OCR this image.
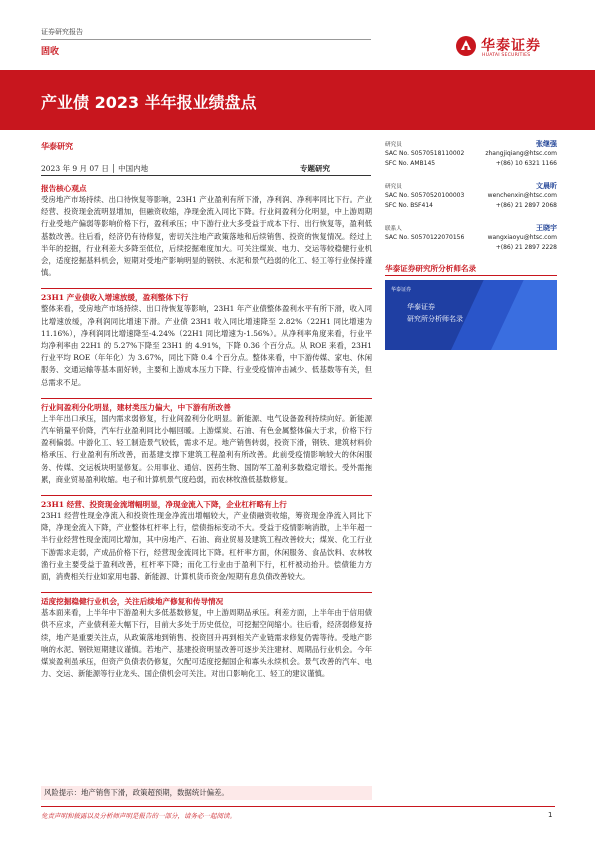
证券研究报告
固收	华泰证券
HUATAI SECURITIES
产业债 2023 半年报业绩盘点
华泰研究
2023 年 9 月 07 日 │ 中国内地	专题研究
报告核心观点
受房地产市场持续、出口待恢复等影响，23H1 产业盈利有所下滑，净利润、净利率同比下行。产业经营、投资现金流明显增加，但融资收缩，净现金流入同比下降。行业间盈利分化明显，中上游周期行业受地产偏弱等影响价格下行，盈利承压；中下游行业大多受益于成本下行、出行恢复等，盈利低基数改善。往后看，经济仍有待修复，密切关注地产政策落地和后续销售、投资的恢复情况。经过上半年的挖掘，行业利差大多降至低位，后续挖掘难度加大。可关注煤炭、电力、交运等较稳健行业机会，适度挖掘基料机会，短期对受地产影响明显的钢铁、水泥和景气趋弱的化工、轻工等行业保持谨慎。
23H1 产业债收入增速放缓，盈利整体下行
整体来看，受房地产市场持续、出口待恢复等影响，23H1 年产业债整体盈利水平有所下滑，收入同比增速放缓，净利润同比增速下滑。产业债 23H1 收入同比增速降至 2.82%（22H1 同比增速为 11.16%），净利润同比增速降至-4.24%（22H1 同比增速为-1.56%）。从净利率角度来看，行业平均净利率由 22H1 的 5.27%下降至 23H1 的 4.91%，下降 0.36 个百分点。从 ROE 来看，23H1 行业平均 ROE（年年化）为 3.67%，同比下降 0.4 个百分点。整体来看，中下游传媒、家电、休闲服务、交通运输等基本面好转，主要和上游成本压力下降、行业受疫情冲击减少、低基数等有关，但总需求不足。
行业间盈利分化明显，建材类压力偏大，中下游有所改善
上半年出口承压，国内需求弱修复，行业间盈利分化明显。新能源、电气设备盈利持续向好。新能源汽车销量平价降，汽车行业盈利同比小幅回暖。上游煤炭、石油、有色金属整体偏大于求，价格下行盈利偏弱。中游化工、轻工制造景气较低，需求不足。地产销售转弱，投资下滑，钢铁、建筑材料价格承压、行业盈利有所改善，而基建支撑下建筑工程盈利有所改善。此前受疫情影响较大的休闲服务、传媒、交运板块明显修复。公用事业、通信、医药生物、国防军工盈利多数稳定增长。受外需拖累，商业贸易盈利收缩。电子和计算机景气度趋弱，而农林牧渔低基数修复。
23H1 经营、投资现金流增幅明显，净现金流入下降，企业杠杆略有上行
23H1 经营性现金净流入和投资性现金净流出增幅较大，产业债融资收缩，筹资现金净流入同比下降，净现金流入下降，产业整体杠杆率上行，偿债指标变动不大。受益于疫情影响消散，上半年超一半行业经营性现金流同比增加，其中房地产、石油、商业贸易及建筑工程改善较大；煤炭、化工行业下游需求走弱，产成品价格下行，经营现金流同比下降。杠杆率方面，休闲服务、食品饮料、农林牧渔行业主要受益于盈利改善，杠杆率下降；而化工行业由于盈利下行，杠杆被动抬升。偿债能力方面，消费相关行业如家用电器、新能源、计算机货币资金/短期有息负债改善较大。
适度挖掘稳健行业机会，关注后续地产修复和传导情况
基本面来看，上半年中下游盈利大多低基数修复，中上游周期品承压。利差方面，上半年由于信用债供不应求，产业债利差大幅下行，目前大多处于历史低位，可挖掘空间缩小。往后看，经济弱修复持续，地产是重要关注点，从政策落地到销售、投资回升再到相关产业链需求修复仍需等待。受地产影响的水泥、钢铁短期建议谨慎。若地产、基建投资明显改善可逐步关注建材、周期品行业机会。今年煤炭盈利虽承压，但资产负债表仍修复，欠配可适度挖掘国企和寡头永续机会。景气改善的汽车、电力、交运、新能源等行业龙头、国企债机会可关注。对出口影响化工、轻工的建议谨慎。
风险提示：地产销售下滑，政策超预期，数据统计偏差。
免责声明和披露以及分析师声明是报告的一部分，请务必一起阅读。	1
研究员	张继强
SAC No. S0570518110002	zhangjiqiang@htsc.com
SFC No. AMB145	+(86) 10 6321 1166
研究员	文晨昕
SAC No. S0570520100003	wenchenxin@htsc.com
SFC No. BSF414	+(86) 21 2897 2068
联系人	王晓宇
SAC No. S0570122070156	wangxiaoyu@htsc.com
+(86) 21 2897 2228
华泰证券研究所分析师名录
华泰证券
华泰证券
研究所分析师名录
